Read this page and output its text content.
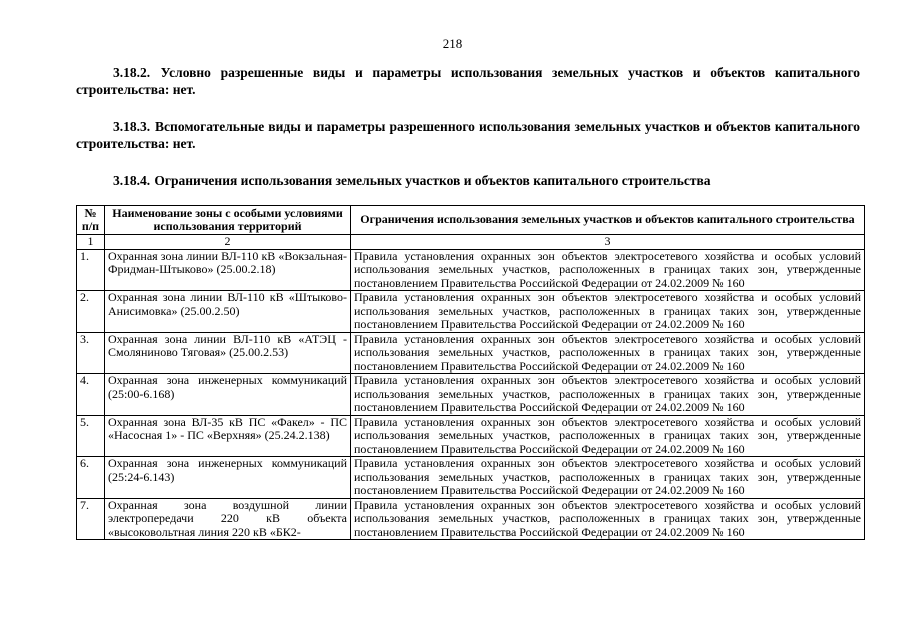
218
3.18.2. Условно разрешенные виды и параметры использования земельных участков и объектов капитального строительства: нет.
3.18.3. Вспомогательные виды и параметры разрешенного использования земельных участков и объектов капитального строительства: нет.
3.18.4. Ограничения использования земельных участков и объектов капитального строительства
№ п/п	Наименование зоны с особыми условиями использования территорий	Ограничения использования земельных участков и объектов капитального строительства
1	2	3
1.	Охранная зона линии ВЛ-110 кВ «Вокзальная-Фридман-Штыково» (25.00.2.18)	Правила установления охранных зон объектов электросетевого хозяйства и особых условий использования земельных участков, расположенных в границах таких зон, утвержденные постановлением Правительства Российской Федерации от 24.02.2009 № 160
2.	Охранная зона линии ВЛ-110 кВ «Штыково-Анисимовка» (25.00.2.50)	Правила установления охранных зон объектов электросетевого хозяйства и особых условий использования земельных участков, расположенных в границах таких зон, утвержденные постановлением Правительства Российской Федерации от 24.02.2009 № 160
3.	Охранная зона линии ВЛ-110 кВ «АТЭЦ - Смоляниново Тяговая» (25.00.2.53)	Правила установления охранных зон объектов электросетевого хозяйства и особых условий использования земельных участков, расположенных в границах таких зон, утвержденные постановлением Правительства Российской Федерации от 24.02.2009 № 160
4.	Охранная зона инженерных коммуникаций (25:00-6.168)	Правила установления охранных зон объектов электросетевого хозяйства и особых условий использования земельных участков, расположенных в границах таких зон, утвержденные постановлением Правительства Российской Федерации от 24.02.2009 № 160
5.	Охранная зона ВЛ-35 кВ ПС «Факел» - ПС «Насосная 1» - ПС «Верхняя» (25.24.2.138)	Правила установления охранных зон объектов электросетевого хозяйства и особых условий использования земельных участков, расположенных в границах таких зон, утвержденные постановлением Правительства Российской Федерации от 24.02.2009 № 160
6.	Охранная зона инженерных коммуникаций (25:24-6.143)	Правила установления охранных зон объектов электросетевого хозяйства и особых условий использования земельных участков, расположенных в границах таких зон, утвержденные постановлением Правительства Российской Федерации от 24.02.2009 № 160
7.	Охранная зона воздушной линии электропередачи 220 кВ объекта «высоковольтная линия 220 кВ «БК2-	Правила установления охранных зон объектов электросетевого хозяйства и особых условий использования земельных участков, расположенных в границах таких зон, утвержденные постановлением Правительства Российской Федерации от 24.02.2009 № 160
